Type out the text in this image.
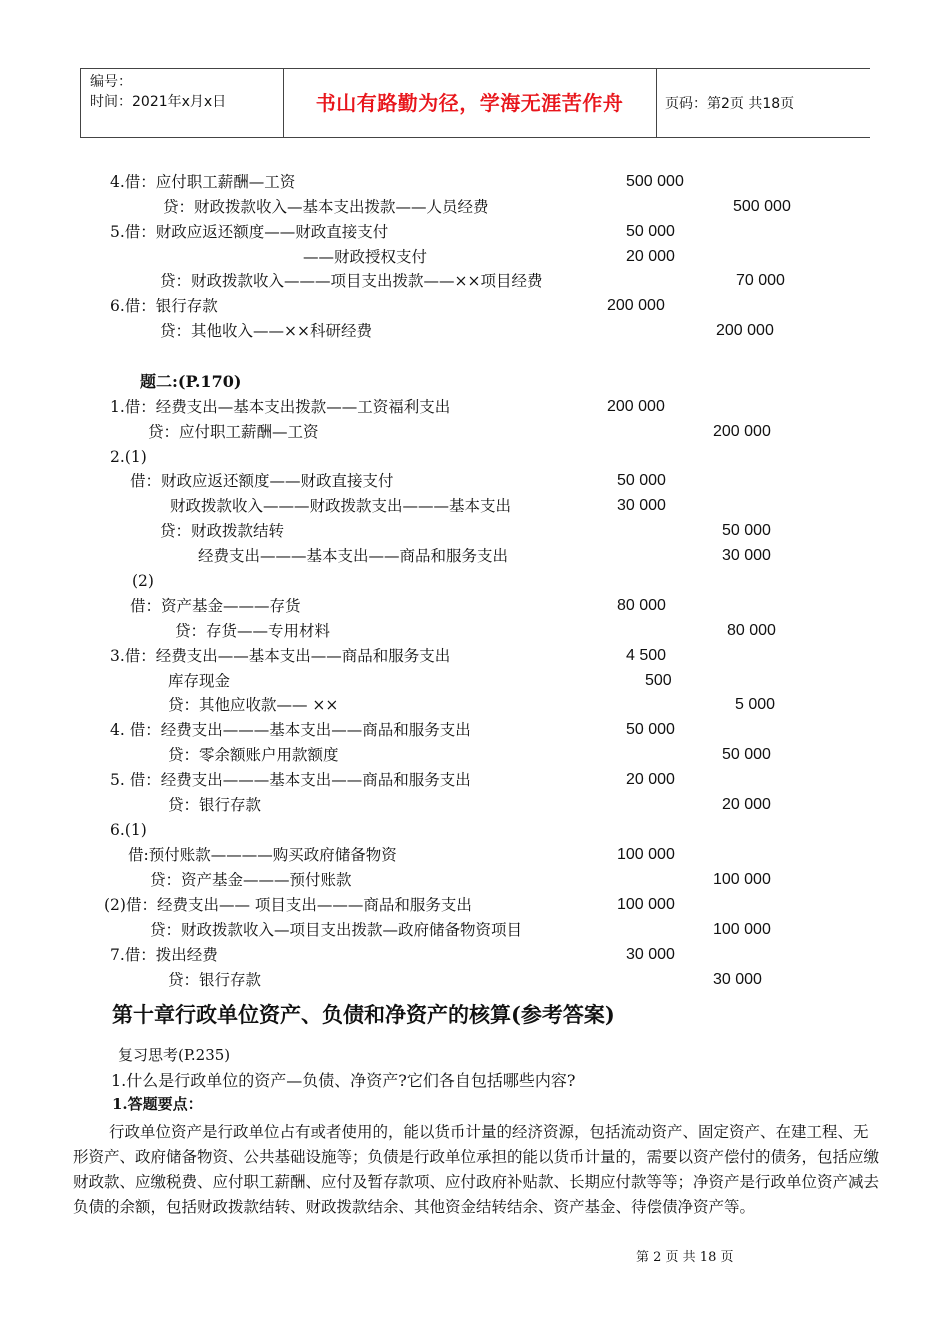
编号：
时间：2021年x月x日	书山有路勤为径，学海无涯苦作舟	页码：第2页 共18页
4.借：应付职工薪酬—工资	500 000
贷：财政拨款收入—基本支出拨款——人员经费	500 000
5.借：财政应返还额度——财政直接支付	50 000
——财政授权支付	20 000
贷：财政拨款收入———项目支出拨款——××项目经费	70 000
6.借：银行存款	200 000
贷：其他收入——××科研经费	200 000
题二:(P.170)
1.借：经费支出—基本支出拨款——工资福利支出	200 000
贷：应付职工薪酬—工资	200 000
2.(1)
借：财政应返还额度——财政直接支付	50 000
财政拨款收入———财政拨款支出———基本支出	30 000
贷：财政拨款结转	50 000
经费支出———基本支出——商品和服务支出	30 000
(2)
借：资产基金———存货	80 000
贷：存货——专用材料	80 000
3.借：经费支出——基本支出——商品和服务支出	4 500
库存现金	500
贷：其他应收款—— ××	5 000
4. 借：经费支出———基本支出——商品和服务支出	50 000
贷：零余额账户用款额度	50 000
5. 借：经费支出———基本支出——商品和服务支出	20 000
贷：银行存款	20 000
6.(1)
借:预付账款————购买政府储备物资	100 000
贷：资产基金———预付账款	100 000
(2)借：经费支出—— 项目支出———商品和服务支出	100 000
贷：财政拨款收入—项目支出拨款—政府储备物资项目	100 000
7.借：拨出经费	30 000
贷：银行存款	30 000
第十章行政单位资产、负债和净资产的核算(参考答案)
复习思考(P.235)
1.什么是行政单位的资产—负债、净资产?它们各自包括哪些内容?
1.答题要点：
行政单位资产是行政单位占有或者使用的，能以货币计量的经济资源，包括流动资产、固定资产、在建工程、无形资产、政府储备物资、公共基础设施等；负债是行政单位承担的能以货币计量的，需要以资产偿付的债务，包括应缴财政款、应缴税费、应付职工薪酬、应付及暂存款项、应付政府补贴款、长期应付款等等；净资产是行政单位资产减去负债的余额，包括财政拨款结转、财政拨款结余、其他资金结转结余、资产基金、待偿债净资产等。
第 2 页 共 18 页
